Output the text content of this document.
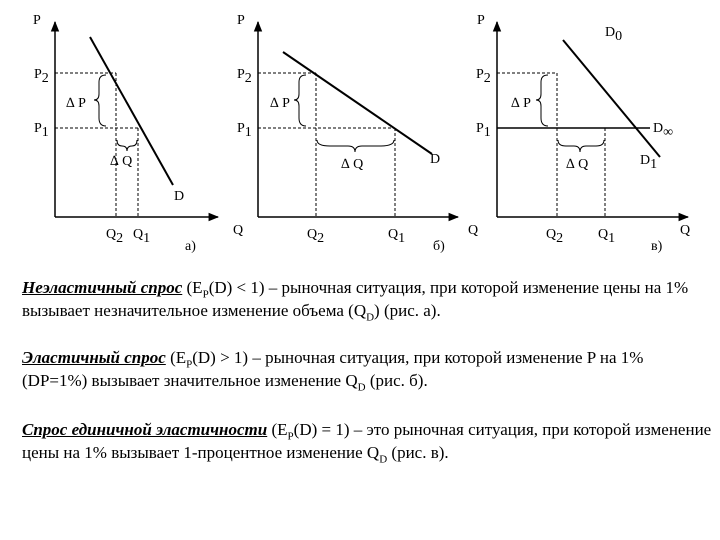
P
P2
∆ P
P1
∆ Q
D
Q2 Q1
а)
P
P2
∆ P
P1
∆ Q	D
Q	Q2	Q1
б)
P
D0
P2
∆ P
P1	D∞
D1
∆ Q
Q	Q2 Q1
в)
Q

Неэластичный спрос $(E_P(D) < 1)$ – рыночная ситуация, при которой изменение цены на 1% вызывает незначительное изменение объема $(Q_D)$ (рис. а).

Эластичный спрос $(E_P(D) > 1)$ – рыночная ситуация, при которой изменение P на 1% (DP=1%) вызывает значительное изменение $Q_D$ (рис. б).

Спрос единичной эластичности $(E_P(D) = 1)$ – это рыночная ситуация, при которой изменение цены на 1% вызывает 1-процентное изменение $Q_D$ (рис. в).
